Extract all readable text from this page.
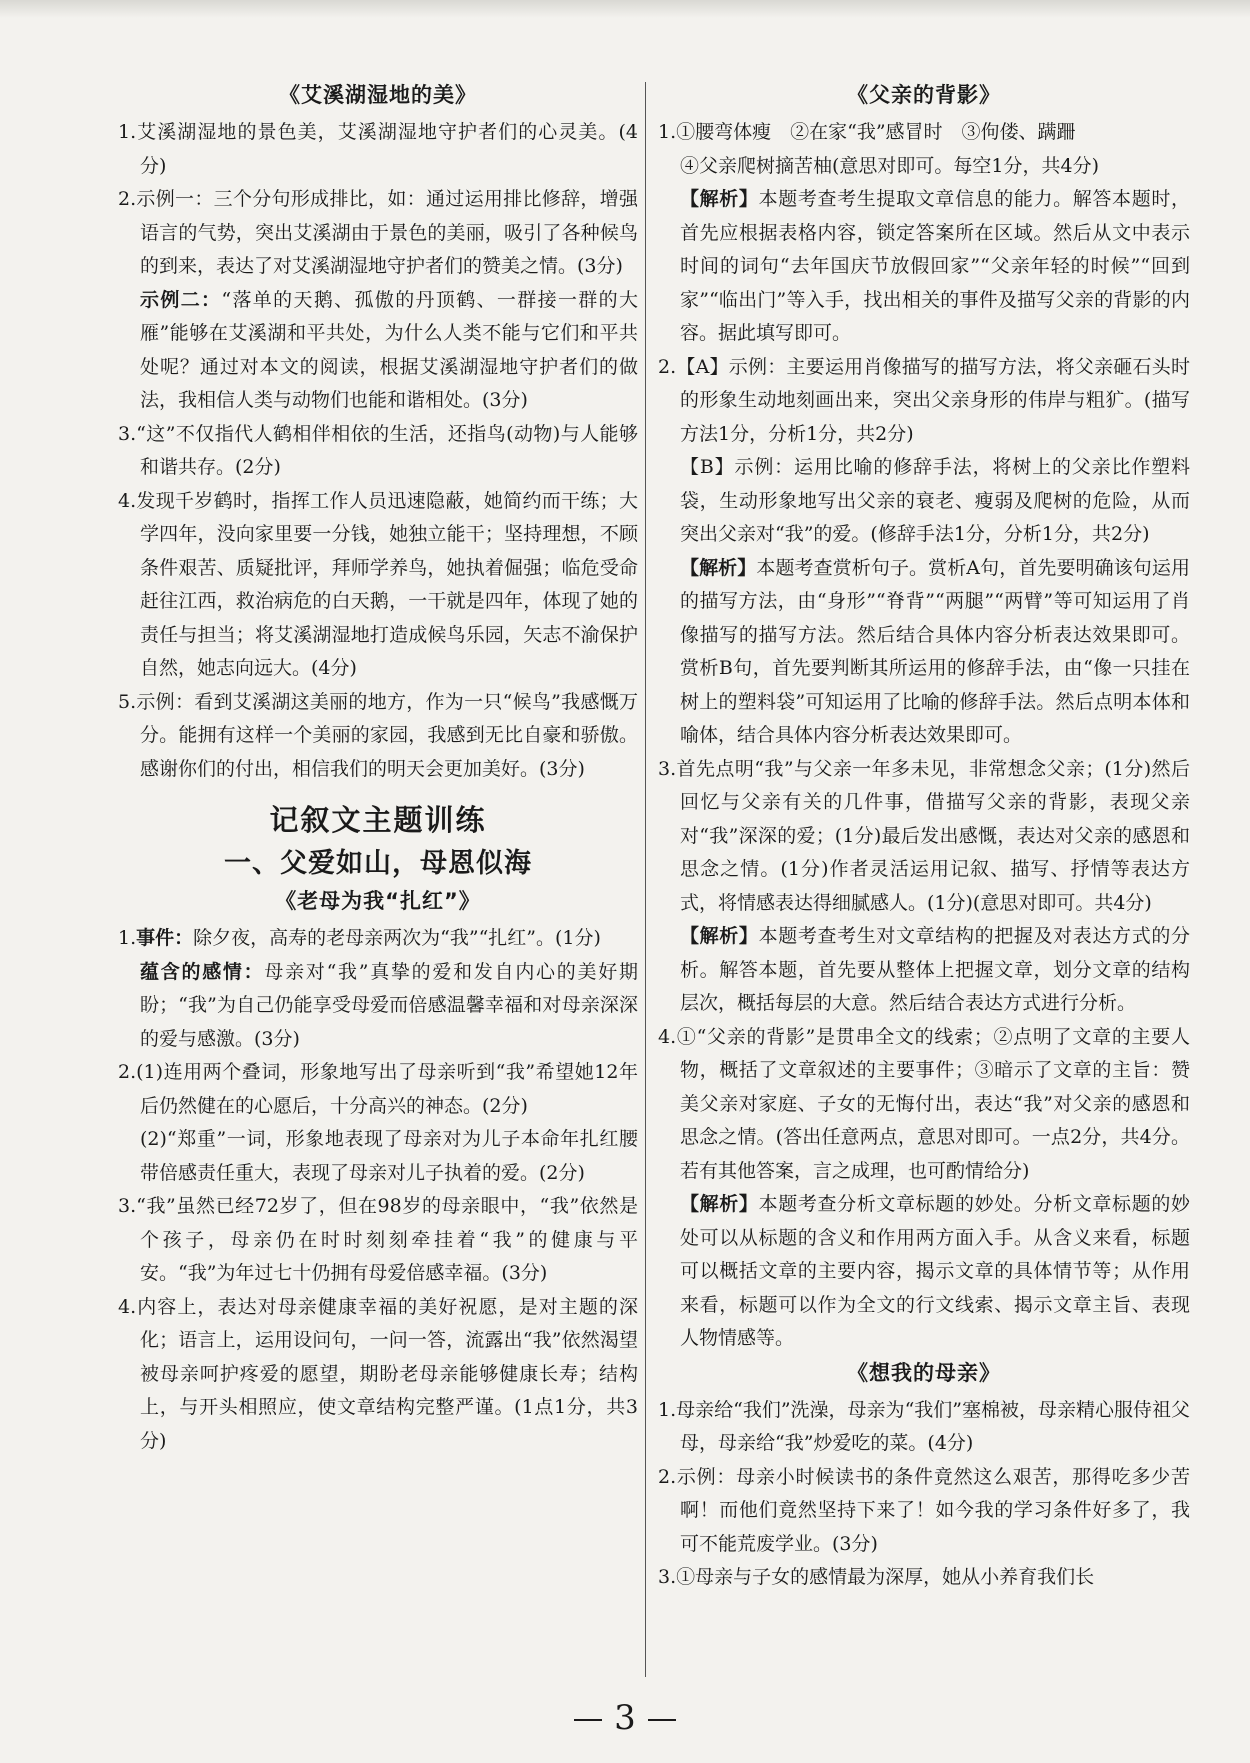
《艾溪湖湿地的美》

1.艾溪湖湿地的景色美，艾溪湖湿地守护者们的心灵美。(4分)

2.示例一：三个分句形成排比，如：通过运用排比修辞，增强语言的气势，突出艾溪湖由于景色的美丽，吸引了各种候鸟的到来，表达了对艾溪湖湿地守护者们的赞美之情。(3分)

示例二：“落单的天鹅、孤傲的丹顶鹤、一群接一群的大雁”能够在艾溪湖和平共处，为什么人类不能与它们和平共处呢？通过对本文的阅读，根据艾溪湖湿地守护者们的做法，我相信人类与动物们也能和谐相处。(3分)

3.“这”不仅指代人鹤相伴相依的生活，还指鸟(动物)与人能够和谐共存。(2分)

4.发现千岁鹤时，指挥工作人员迅速隐蔽，她简约而干练；大学四年，没向家里要一分钱，她独立能干；坚持理想，不顾条件艰苦、质疑批评，拜师学养鸟，她执着倔强；临危受命赶往江西，救治病危的白天鹅，一干就是四年，体现了她的责任与担当；将艾溪湖湿地打造成候鸟乐园，矢志不渝保护自然，她志向远大。(4分)

5.示例：看到艾溪湖这美丽的地方，作为一只“候鸟”我感慨万分。能拥有这样一个美丽的家园，我感到无比自豪和骄傲。感谢你们的付出，相信我们的明天会更加美好。(3分)

记叙文主题训练
一、父爱如山，母恩似海
《老母为我“扎红”》

1.事件：除夕夜，高寿的老母亲两次为“我”“扎红”。(1分)

蕴含的感情：母亲对“我”真挚的爱和发自内心的美好期盼；“我”为自己仍能享受母爱而倍感温馨幸福和对母亲深深的爱与感激。(3分)

2.(1)连用两个叠词，形象地写出了母亲听到“我”希望她12年后仍然健在的心愿后，十分高兴的神态。(2分)

(2)“郑重”一词，形象地表现了母亲对为儿子本命年扎红腰带倍感责任重大，表现了母亲对儿子执着的爱。(2分)

3.“我”虽然已经72岁了，但在98岁的母亲眼中，“我”依然是个孩子，母亲仍在时时刻刻牵挂着“我”的健康与平安。“我”为年过七十仍拥有母爱倍感幸福。(3分)

4.内容上，表达对母亲健康幸福的美好祝愿，是对主题的深化；语言上，运用设问句，一问一答，流露出“我”依然渴望被母亲呵护疼爱的愿望，期盼老母亲能够健康长寿；结构上，与开头相照应，使文章结构完整严谨。(1点1分，共3分)

《父亲的背影》

1.①腰弯体瘦　②在家“我”感冒时　③佝偻、蹒跚

④父亲爬树摘苦柚(意思对即可。每空1分，共4分)

【解析】本题考查考生提取文章信息的能力。解答本题时，首先应根据表格内容，锁定答案所在区域。然后从文中表示时间的词句“去年国庆节放假回家”“父亲年轻的时候”“回到家”“临出门”等入手，找出相关的事件及描写父亲的背影的内容。据此填写即可。

2.【A】示例：主要运用肖像描写的描写方法，将父亲砸石头时的形象生动地刻画出来，突出父亲身形的伟岸与粗犷。(描写方法1分，分析1分，共2分)

【B】示例：运用比喻的修辞手法，将树上的父亲比作塑料袋，生动形象地写出父亲的衰老、瘦弱及爬树的危险，从而突出父亲对“我”的爱。(修辞手法1分，分析1分，共2分)

【解析】本题考查赏析句子。赏析A句，首先要明确该句运用的描写方法，由“身形”“脊背”“两腿”“两臂”等可知运用了肖像描写的描写方法。然后结合具体内容分析表达效果即可。赏析B句，首先要判断其所运用的修辞手法，由“像一只挂在树上的塑料袋”可知运用了比喻的修辞手法。然后点明本体和喻体，结合具体内容分析表达效果即可。

3.首先点明“我”与父亲一年多未见，非常想念父亲；(1分)然后回忆与父亲有关的几件事，借描写父亲的背影，表现父亲对“我”深深的爱；(1分)最后发出感慨，表达对父亲的感恩和思念之情。(1分)作者灵活运用记叙、描写、抒情等表达方式，将情感表达得细腻感人。(1分)(意思对即可。共4分)

【解析】本题考查考生对文章结构的把握及对表达方式的分析。解答本题，首先要从整体上把握文章，划分文章的结构层次，概括每层的大意。然后结合表达方式进行分析。

4.①“父亲的背影”是贯串全文的线索；②点明了文章的主要人物，概括了文章叙述的主要事件；③暗示了文章的主旨：赞美父亲对家庭、子女的无悔付出，表达“我”对父亲的感恩和思念之情。(答出任意两点，意思对即可。一点2分，共4分。若有其他答案，言之成理，也可酌情给分)

【解析】本题考查分析文章标题的妙处。分析文章标题的妙处可以从标题的含义和作用两方面入手。从含义来看，标题可以概括文章的主要内容，揭示文章的具体情节等；从作用来看，标题可以作为全文的行文线索、揭示文章主旨、表现人物情感等。

《想我的母亲》

1.母亲给“我们”洗澡，母亲为“我们”塞棉被，母亲精心服侍祖父母，母亲给“我”炒爱吃的菜。(4分)

2.示例：母亲小时候读书的条件竟然这么艰苦，那得吃多少苦啊！而他们竟然坚持下来了！如今我的学习条件好多了，我可不能荒废学业。(3分)

3.①母亲与子女的感情最为深厚，她从小养育我们长

3
